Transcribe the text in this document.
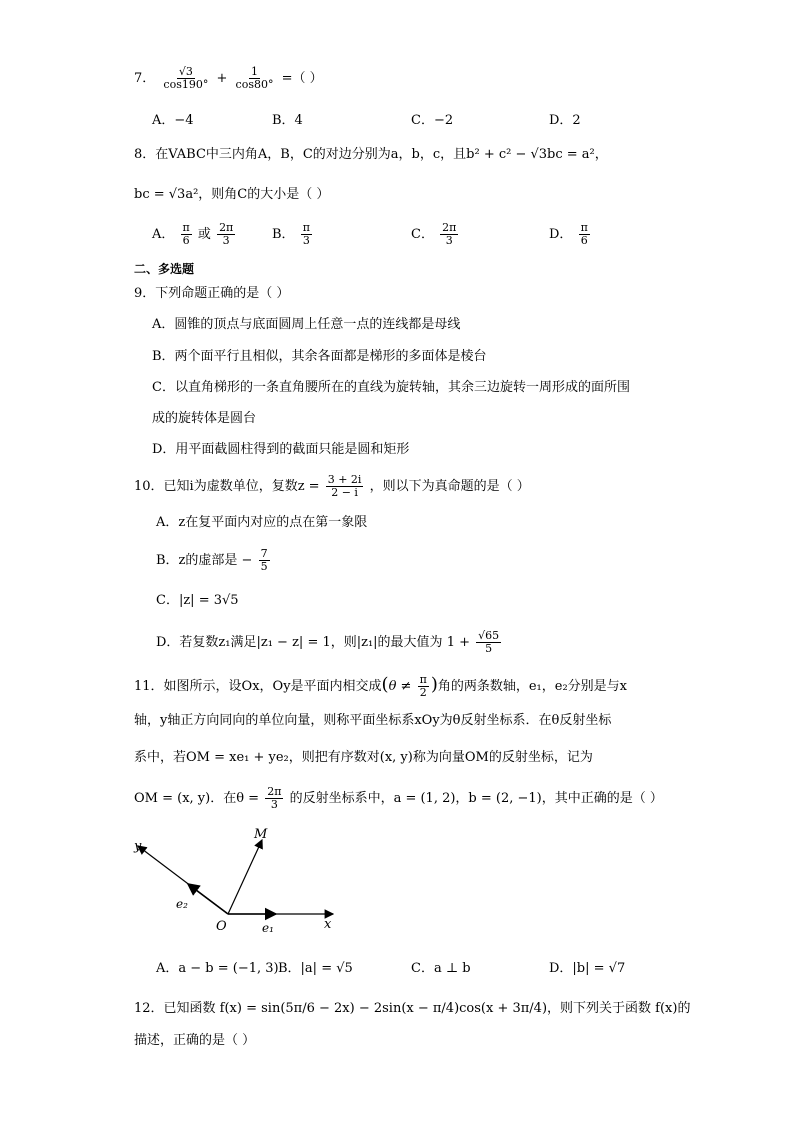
7． $\frac{√3}{\cos 190^\circ} + \frac{1}{\cos 80^\circ}$ =（ ）
A．−4	B．4	C．−2	D．2
8．在VABC中三内角A，B，C的对边分别为a，b，c，且b² + c² − √3bc = a²，
bc = √3a²，则角C的大小是（ ）
A． $\frac{\pi}{6}$ 或 $\frac{2\pi}{3}$	B． $\frac{\pi}{3}$	C． $\frac{2\pi}{3}$	D． $\frac{\pi}{6}$
二、多选题
9．下列命题正确的是（ ）
A．圆锥的顶点与底面圆周上任意一点的连线都是母线
B．两个面平行且相似，其余各面都是梯形的多面体是棱台
C．以直角梯形的一条直角腰所在的直线为旋转轴，其余三边旋转一周形成的面所围
成的旋转体是圆台
D．用平面截圆柱得到的截面只能是圆和矩形
10．已知i为虚数单位，复数$z = \frac{3 + 2i}{2 - i}$ ，则以下为真命题的是（ ）
A．z在复平面内对应的点在第一象限
B．z的虚部是 − $\frac{7}{5}$
C．|z| = 3√5
D．若复数z₁满足|z₁ − z| = 1，则|z₁|的最大值为 $1 + \frac{√65}{5}$
11．如图所示，设Ox，Oy是平面内相交成($\theta \ne \frac{\pi}{2}$ )角的两条数轴，e₁，e₂分别是与x
轴，y轴正方向同向的单位向量，则称平面坐标系xOy为θ反射坐标系．在θ反射坐标
系中，若OM = xe₁ + ye₂，则把有序数对(x, y)称为向量OM的反射坐标，记为
OM = (x, y)．在$\theta = \frac{2\pi}{3}$ 的反射坐标系中，a = (1, 2)，b = (2, −1)，其中正确的是（ ）
y
M
e₂
O	e₁	x
A．a − b = (−1, 3) B．|a| = √5	C．a ⊥ b	D．|b| = √7
12．已知函数 f(x) = sin(5π/6 − 2x) − 2sin(x − π/4)cos(x + 3π/4)，则下列关于函数 f(x)的
描述，正确的是（ ）
